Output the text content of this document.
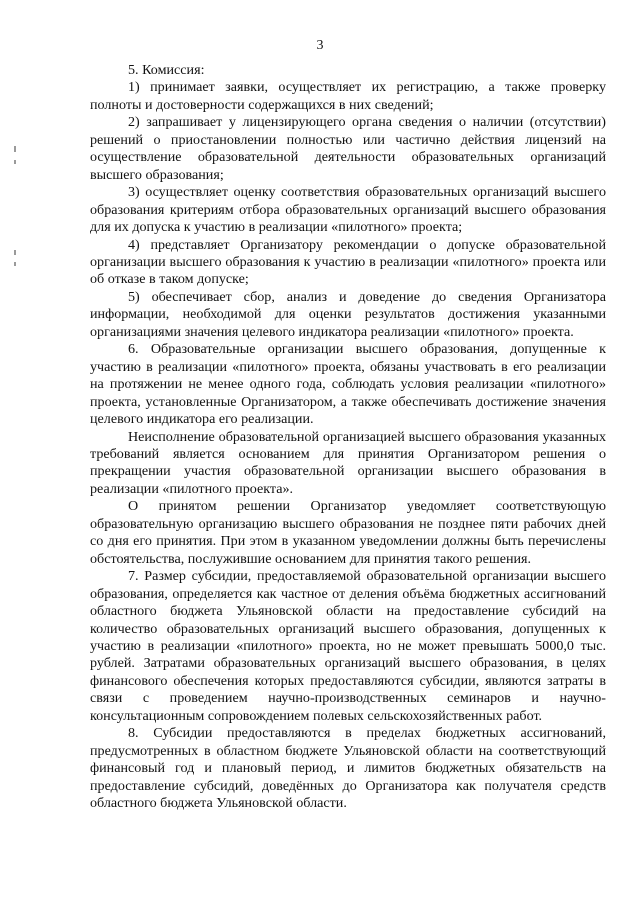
3

5. Комиссия:

1) принимает заявки, осуществляет их регистрацию, а также проверку полноты и достоверности содержащихся в них сведений;

2) запрашивает у лицензирующего органа сведения о наличии (отсутствии) решений о приостановлении полностью или частично действия лицензий на осуществление образовательной деятельности образовательных организаций высшего образования;

3) осуществляет оценку соответствия образовательных организаций высшего образования критериям отбора образовательных организаций высшего образования для их допуска к участию в реализации «пилотного» проекта;

4) представляет Организатору рекомендации о допуске образовательной организации высшего образования к участию в реализации «пилотного» проекта или об отказе в таком допуске;

5) обеспечивает сбор, анализ и доведение до сведения Организатора информации, необходимой для оценки результатов достижения указанными организациями значения целевого индикатора реализации «пилотного» проекта.

6. Образовательные организации высшего образования, допущенные к участию в реализации «пилотного» проекта, обязаны участвовать в его реализации на протяжении не менее одного года, соблюдать условия реализации «пилотного» проекта, установленные Организатором, а также обеспечивать достижение значения целевого индикатора его реализации.

Неисполнение образовательной организацией высшего образования указанных требований является основанием для принятия Организатором решения о прекращении участия образовательной организации высшего образования в реализации «пилотного проекта».

О принятом решении Организатор уведомляет соответствующую образовательную организацию высшего образования не позднее пяти рабочих дней со дня его принятия. При этом в указанном уведомлении должны быть перечислены обстоятельства, послужившие основанием для принятия такого решения.

7. Размер субсидии, предоставляемой образовательной организации высшего образования, определяется как частное от деления объёма бюджетных ассигнований областного бюджета Ульяновской области на предоставление субсидий на количество образовательных организаций высшего образования, допущенных к участию в реализации «пилотного» проекта, но не может превышать 5000,0 тыс. рублей. Затратами образовательных организаций высшего образования, в целях финансового обеспечения которых предоставляются субсидии, являются затраты в связи с проведением научно-производственных семинаров и научно-консультационным сопровождением полевых сельскохозяйственных работ.

8. Субсидии предоставляются в пределах бюджетных ассигнований, предусмотренных в областном бюджете Ульяновской области на соответствующий финансовый год и плановый период, и лимитов бюджетных обязательств на предоставление субсидий, доведённых до Организатора как получателя средств областного бюджета Ульяновской области.
